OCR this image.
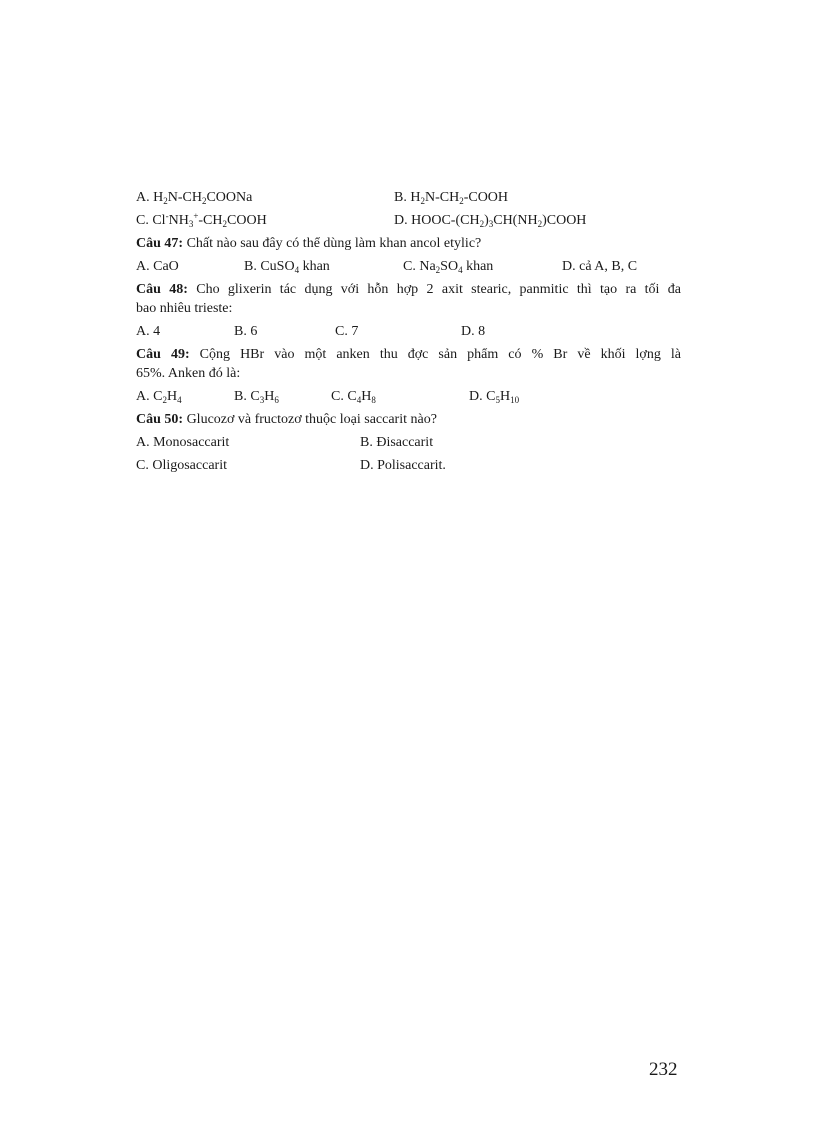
A. $H_2N-CH_2COONa$	B. $H_2N-CH_2$-COOH
C. $Cl^-NH_3^+-CH_2COOH$	D. HOOC-$(CH_2)_3CH(NH_2)COOH$
Câu 47: Chất nào sau đây có thể dùng làm khan ancol etylic?
A. CaO	B. CuSO$_4$ khan	C. $Na_2SO_4$ khan	D. cả A, B, C
Câu 48: Cho glixerin tác dụng với hỗn hợp 2 axit stearic, panmitic thì tạo ra tối đa
bao nhiêu trieste:
A. 4	B. 6	C. 7	D. 8
Câu 49: Cộng HBr vào một anken thu đợc sản phẩm có % Br về khối lợng là
65%. Anken đó là:
A. $C_2H_4$	B. $C_3H_6$	C. $C_4H_8$	D. $C_5H_{10}$
Câu 50: Glucozơ và fructozơ thuộc loại saccarit nào?
A. Monosaccarit	B. Đisaccarit
C. Oligosaccarit	D. Polisaccarit.
232
